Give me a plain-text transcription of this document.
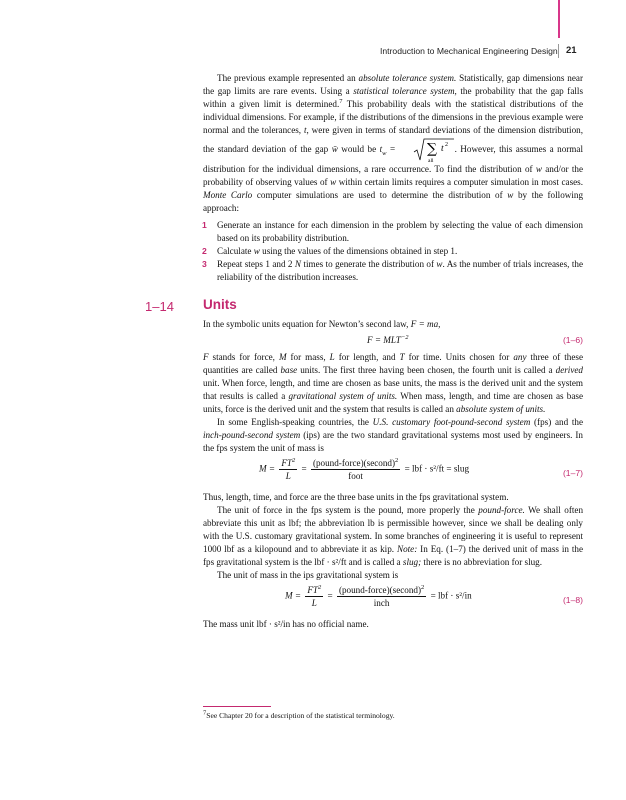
Introduction to Mechanical Engineering Design 21

The previous example represented an absolute tolerance system. Statistically, gap dimensions near the gap limits are rare events. Using a statistical tolerance system, the probability that the gap falls within a given limit is determined.$^7$ This probability deals with the statistical distributions of the individual dimensions. For example, if the distributions of the dimensions in the previous example were normal and the tolerances, t, were given in terms of standard deviations of the dimension distribution, the standard deviation of the gap w̄ would be $t_w$ = ∑ t 2
all
. However, this assumes a normal distribution for the individual dimensions, a rare occurrence. To find the distribution of w and/or the probability of observing values of w within certain limits requires a computer simulation in most cases. Monte Carlo computer simulations are used to determine the distribution of w by the following approach:

1 Generate an instance for each dimension in the problem by selecting the value of each dimension based on its probability distribution.
2 Calculate w using the values of the dimensions obtained in step 1.
3 Repeat steps 1 and 2 N times to generate the distribution of w. As the number of trials increases, the reliability of the distribution increases.
1–14 Units

In the symbolic units equation for Newton’s second law, F = ma,

$F = MLT^{-2}$	(1–6)

F stands for force, M for mass, L for length, and T for time. Units chosen for any three of these quantities are called base units. The first three having been chosen, the fourth unit is called a derived unit. When force, length, and time are chosen as base units, the mass is the derived unit and the system that results is called a gravitational system of units. When mass, length, and time are chosen as base units, force is the derived unit and the system that results is called an absolute system of units.

In some English-speaking countries, the U.S. customary foot-pound-second system (fps) and the inch-pound-second system (ips) are the two standard gravitational systems most used by engineers. In the fps system the unit of mass is

$M = \frac{FT^2}{L} = \frac{(pound-force)(second)^2}{\text{foot}}$ = lbf · s²/ft = slug	(1–7)

Thus, length, time, and force are the three base units in the fps gravitational system.

The unit of force in the fps system is the pound, more properly the pound-force. We shall often abbreviate this unit as lbf; the abbreviation lb is permissible however, since we shall be dealing only with the U.S. customary gravitational system. In some branches of engineering it is useful to represent 1000 lbf as a kilopound and to abbreviate it as kip. Note: In Eq. (1–7) the derived unit of mass in the fps gravitational system is the lbf · s²/ft and is called a slug; there is no abbreviation for slug.

The unit of mass in the ips gravitational system is

$M = \frac{FT^2}{L} = \frac{(pound-force)(second)^2}{\text{inch}}$ = lbf · s²/in	(1–8)

The mass unit lbf · s²/in has no official name.

$^7$See Chapter 20 for a description of the statistical terminology.
